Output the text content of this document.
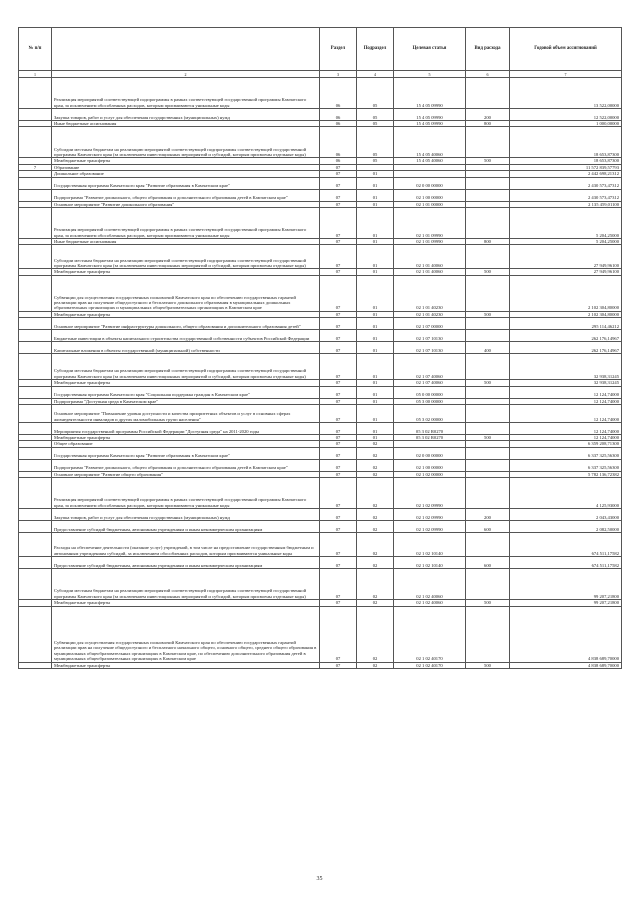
№ п/п		Раздел	Подраздел	Целевая статья	Вид расхода	Годовой объем ассигнований
1	2	3	4	5	6	7
	Реализация мероприятий соответствующей подпрограммы в рамках соответствующей государственной программы Камчатского края, за исключением обособленных расходов, которым присваиваются уникальные коды	06	05	15 4 05 09990		13 522,00000
	Закупка товаров, работ и услуг для обеспечения государственных (муниципальных) нужд	06	05	15 4 05 09990	200	12 522,00000
	Иные бюджетные ассигнования	06	05	15 4 05 09990	800	1 000,00000
	Субсидии местным бюджетам на реализацию мероприятий соответствующей подпрограммы соответствующей государственной программы Камчатского края (за исключением инвестиционных мероприятий и субсидий, которым присвоены отдельные коды)	06	05	15 4 05 40060		18 653,87300
	Межбюджетные трансферты	06	05	15 4 05 40060	500	18 653,87300
7	Образование	07				11 572 839,57793
	Дошкольное образование	07	01			2 442 698,21312
	Государственная программа Камчатского края "Развитие образования в Камчатском крае"	07	01	02 0 00 00000		2 430 573,47312
	Подпрограмма "Развитие дошкольного, общего образования и дополнительного образования детей в Камчатском крае"	07	01	02 1 00 00000		2 430 573,47312
	Основное мероприятие "Развитие дошкольного образования"	07	01	02 1 01 00000		2 135 459,01100
	Реализация мероприятий соответствующей подпрограммы в рамках соответствующей государственной программы Камчатского края, за исключением обособленных расходов, которым присваиваются уникальные коды	07	01	02 1 01 09990		5 204,25000
	Иные бюджетные ассигнования	07	01	02 1 01 09990	800	5 204,25000
	Субсидии местным бюджетам на реализацию мероприятий соответствующей подпрограммы соответствующей государственной программы Камчатского края (за исключением инвестиционных мероприятий и субсидий, которым присвоены отдельные коды)	07	01	02 1 01 40060		27 949,96100
	Межбюджетные трансферты	07	01	02 1 01 40060	500	27 949,96100
	Субвенции для осуществления государственных полномочий Камчатского края по обеспечению государственных гарантий реализации прав на получение общедоступного и бесплатного дошкольного образования в муниципальных дошкольных образовательных организациях и муниципальных общеобразовательных организациях в Камчатском крае	07	01	02 1 01 40230		2 102 304,80000
	Межбюджетные трансферты	07	01	02 1 01 40230	500	2 102 304,80000
	Основное мероприятие "Развитие инфраструктуры дошкольного, общего образования и дополнительного образования детей"	07	01	02 1 07 00000		295 114,46212
	Бюджетные инвестиции в объекты капитального строительства государственной собственности субъектов Российской Федерации	07	01	02 1 07 10130		262 176,14967
	Капитальные вложения в объекты государственной (муниципальной) собственности	07	01	02 1 07 10130	400	262 176,14967
	Субсидии местным бюджетам на реализацию мероприятий соответствующей подпрограммы соответствующей государственной программы Камчатского края (за исключением инвестиционных мероприятий и субсидий, которым присвоены отдельные коды)	07	01	02 1 07 40060		32 938,31245
	Межбюджетные трансферты	07	01	02 1 07 40060	500	32 938,31245
	Государственная программа Камчатского края "Социальная поддержка граждан в Камчатском крае"	07	01	05 0 00 00000		12 124,74000
	Подпрограмма "Доступная среда в Камчатском крае"	07	01	05 3 00 00000		12 124,74000
	Основное мероприятие "Повышение уровня доступности и качества приоритетных объектов и услуг в основных сферах жизнедеятельности инвалидов и других маломобильных групп населения"	07	01	05 3 02 00000		12 124,74000
	Мероприятия государственной программы Российской Федерации "Доступная среда" на 2011-2020 годы	07	01	05 3 02 R0270		12 124,74000
	Межбюджетные трансферты	07	01	05 3 02 R0270	500	12 124,74000
	Общее образование	07	02			6 359 208,71300
	Государственная программа Камчатского края "Развитие образования в Камчатском крае"	07	02	02 0 00 00000		6 337 325,56300
	Подпрограмма "Развитие дошкольного, общего образования и дополнительного образования детей в Камчатском крае"	07	02	02 1 00 00000		6 337 325,56300
	Основное мероприятие "Развитие общего образования"	07	02	02 1 02 00000		5 782 136,72382
	Реализация мероприятий соответствующей подпрограммы в рамках соответствующей государственной программы Камчатского края, за исключением обособленных расходов, которым присваиваются уникальные коды	07	02	02 1 02 09990		4 125,93000
	Закупка товаров, работ и услуг для обеспечения государственных (муниципальных) нужд	07	02	02 1 02 09990	200	2 043,43000
	Предоставление субсидий бюджетным, автономным учреждениям и иным некоммерческим организациям	07	02	02 1 02 09990	600	2 082,50000
	Расходы на обеспечение деятельности (оказание услуг) учреждений, в том числе на предоставление государственным бюджетным и автономным учреждениям субсидий, за исключением обособленных расходов, которым присваиваются уникальные коды	07	02	02 1 02 10140		674 511,17582
	Предоставление субсидий бюджетным, автономным учреждениям и иным некоммерческим организациям	07	02	02 1 02 10140	600	674 511,17582
	Субсидии местным бюджетам на реализацию мероприятий соответствующей подпрограммы соответствующей государственной программы Камчатского края (за исключением инвестиционных мероприятий и субсидий, которым присвоены отдельные коды)	07	02	02 1 02 40060		99 207,21800
	Межбюджетные трансферты	07	02	02 1 02 40060	500	99 207,21800
	Субвенции для осуществления государственных полномочий Камчатского края по обеспечению государственных гарантий реализации прав на получение общедоступного и бесплатного начального общего, основного общего, среднего общего образования в муниципальных общеобразовательных организациях в Камчатском крае, по обеспечению дополнительного образования детей в муниципальных общеобразовательных организациях в Камчатском крае	07	02	02 1 02 40170		4 838 689,70000
	Межбюджетные трансферты	07	02	02 1 02 40170	500	4 838 689,70000
35
